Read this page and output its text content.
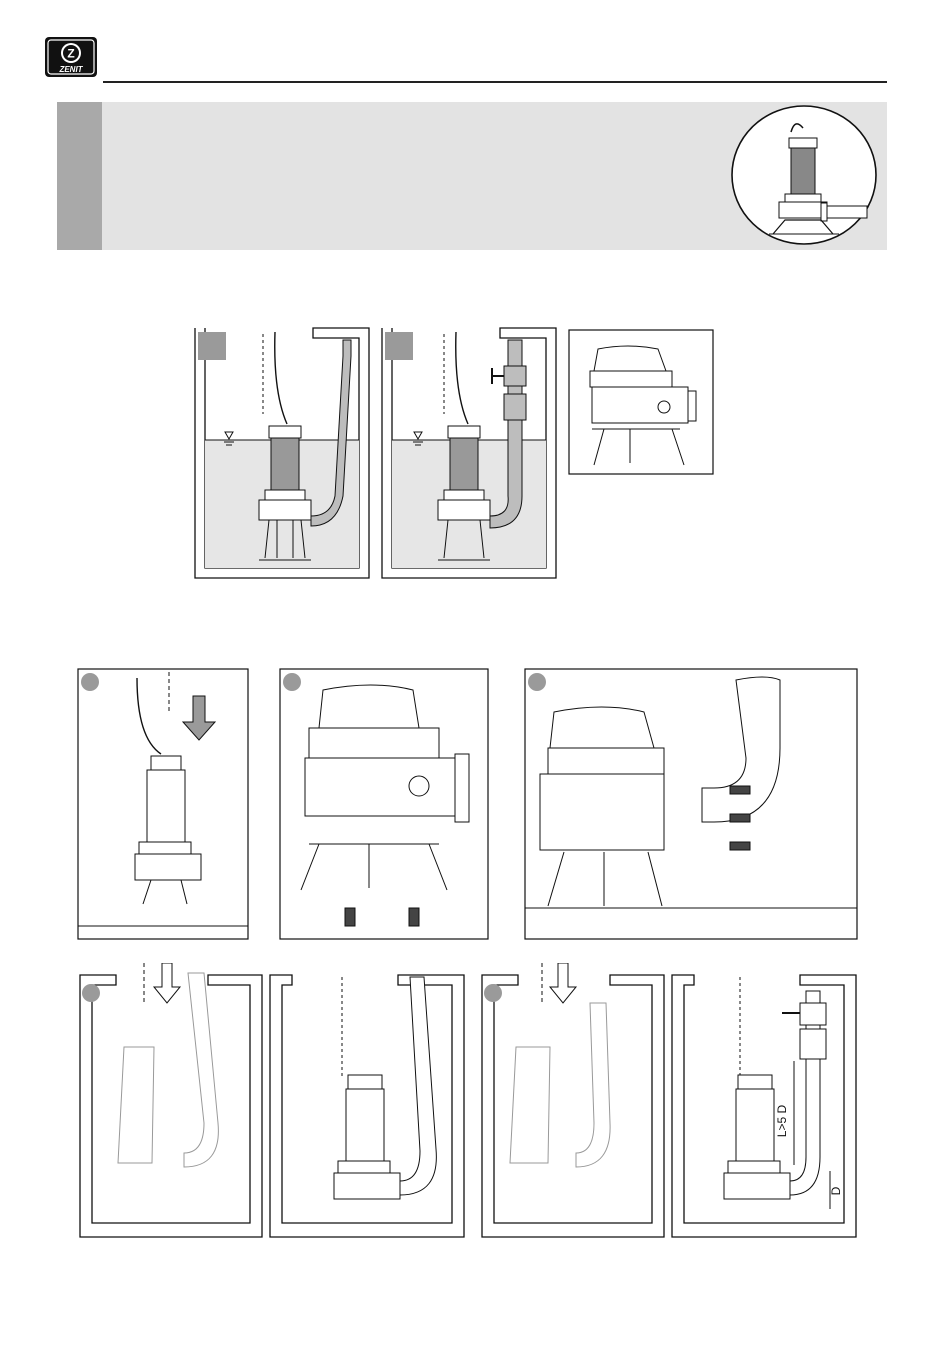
Z
ZENIT
L>5 D
D
